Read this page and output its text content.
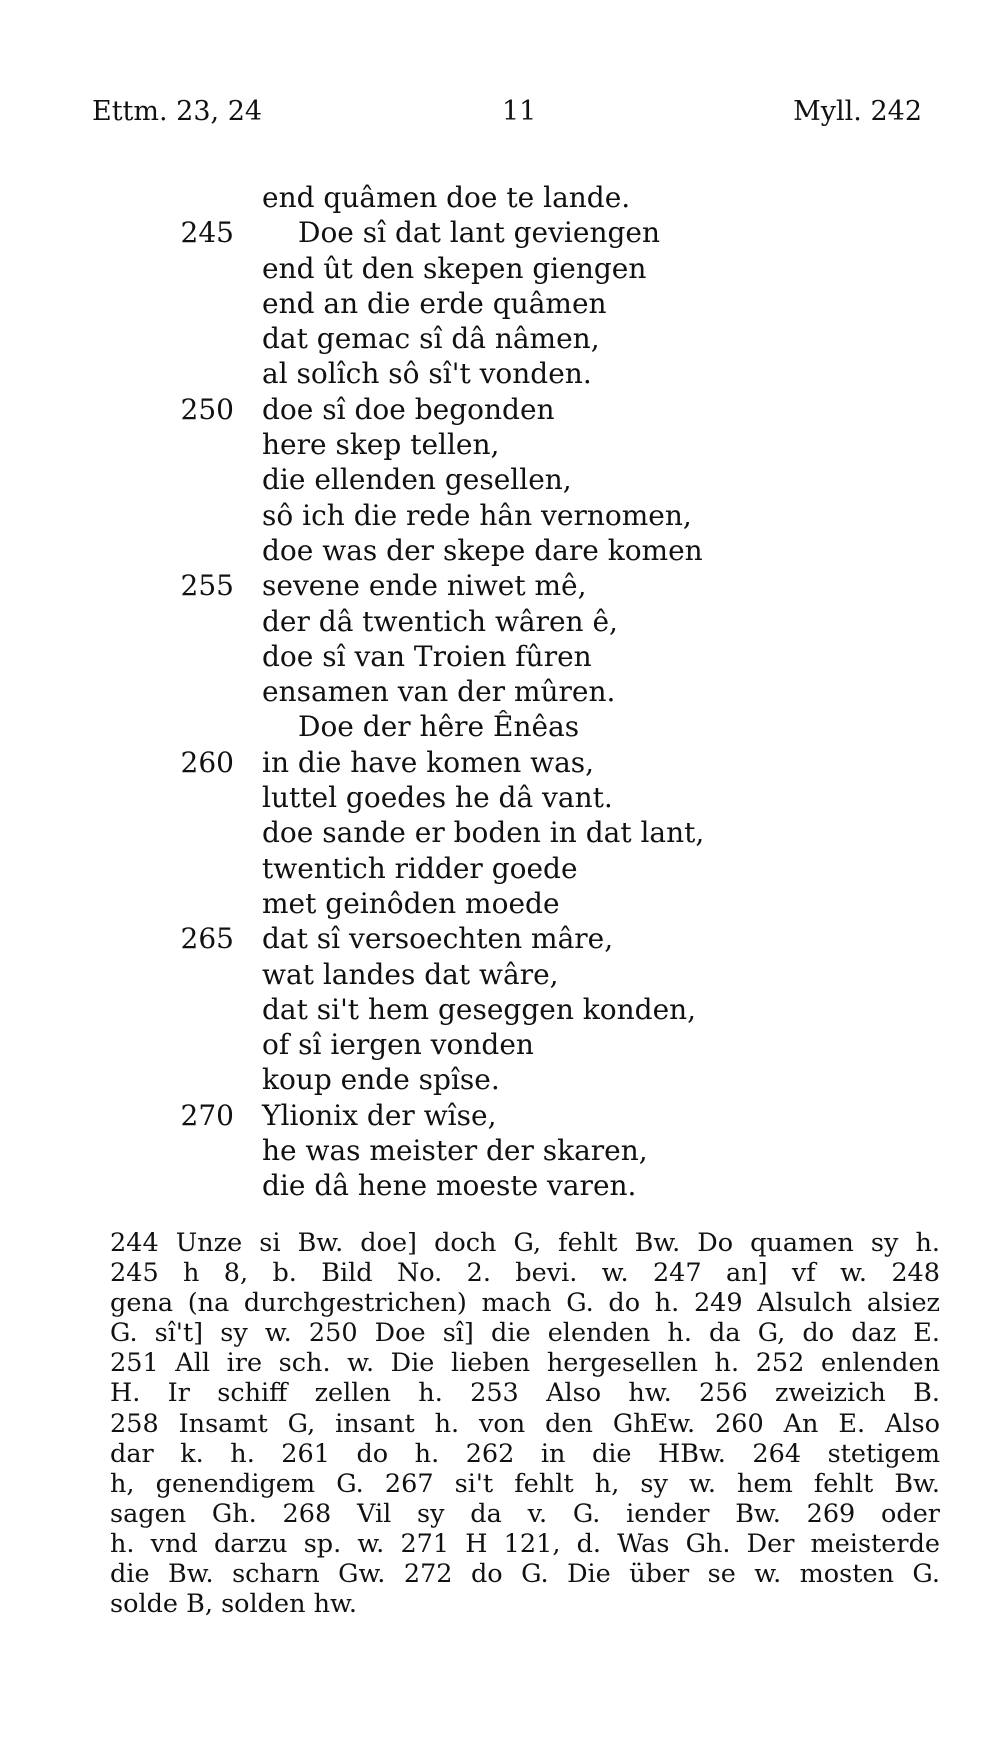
Ettm. 23, 24	11	Myll. 242
end quâmen doe te lande.
245 Doe sî dat lant geviengen
end ût den skepen giengen
end an die erde quâmen
dat gemac sî dâ nâmen,
al solîch sô sî't vonden.
250 doe sî doe begonden
here skep tellen,
die ellenden gesellen,
sô ich die rede hân vernomen,
doe was der skepe dare komen
255 sevene ende niwet mê,
der dâ twentich wâren ê,
doe sî van Troien fûren
ensamen van der mûren.
Doe der hêre Ênêas
260 in die have komen was,
luttel goedes he dâ vant.
doe sande er boden in dat lant,
twentich ridder goede
met geinôden moede
265 dat sî versoechten mâre,
wat landes dat wâre,
dat si't hem geseggen konden,
of sî iergen vonden
koup ende spîse.
270 Ylionix der wîse,
he was meister der skaren,
die dâ hene moeste varen.
244 Unze si Bw. doe] doch G, fehlt Bw. Do quamen sy h.
245 h 8, b. Bild No. 2. bevi. w. 247 an] vf w. 248
gena (na durchgestrichen) mach G. do h. 249 Alsulch alsiez
G. sî't] sy w. 250 Doe sî] die elenden h. da G, do daz E.
251 All ire sch. w. Die lieben hergesellen h. 252 enlenden
H. Ir schiff zellen h. 253 Also hw. 256 zweizich B.
258 Insamt G, insant h. von den GhEw. 260 An E. Also
dar k. h. 261 do h. 262 in die HBw. 264 stetigem
h, genendigem G. 267 si't fehlt h, sy w. hem fehlt Bw.
sagen Gh. 268 Vil sy da v. G. iender Bw. 269 oder
h. vnd darzu sp. w. 271 H 121, d. Was Gh. Der meisterde
die Bw. scharn Gw. 272 do G. Die über se w. mosten G.
solde B, solden hw.
